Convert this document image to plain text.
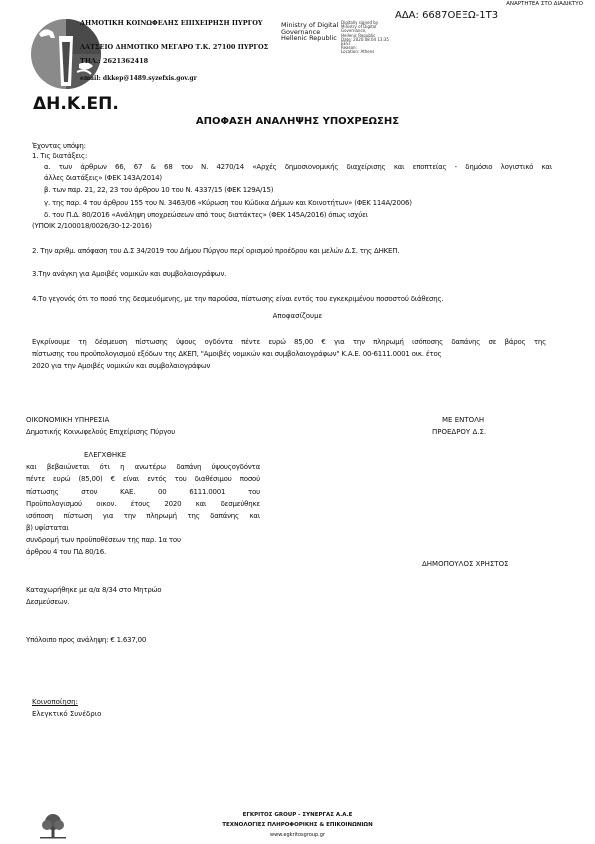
ΑΝΑΡΤΗΤΕΑ ΣΤΟ ΔΙΑΔΙΚΤΥΟ
ΑΔΑ: 6687ΟΕΞΩ-1Τ3
ΔΗ.Κ.ΕΠ.
ΔΗΜΟΤΙΚΗ ΚΟΙΝΩΦΕΛΗΣ ΕΠΙΧΕΙΡΗΣΗ ΠΥΡΓΟΥ
ΛΑΤΣΕΙΟ ΔΗΜΟΤΙΚΟ ΜΕΓΑΡΟ Τ.Κ. 27100 ΠΥΡΓΟΣ
ΤΗΛ.: 2621362418
email: dkkep@1489.syzefxis.gov.gr
Ministry of Digital
Governance
Hellenic Republic
Digitally signed by
Ministry of Digital
Governance,
Hellenic Republic
Date: 2020.08.04 13:35
EEST
Reason:
Location: Athens
ΑΠΟΦΑΣΗ ΑΝΑΛΗΨΗΣ ΥΠΟΧΡΕΩΣΗΣ
Έχοντας υπόψη:
1. Τις διατάξεις:
α. των άρθρων 66, 67 & 68 του Ν. 4270/14 «Αρχές δημοσιονομικής διαχείρισης και εποπτείας - δημόσιο λογιστικό και
άλλες διατάξεις» (ΦΕΚ 143Α/2014)
β. των παρ. 21, 22, 23 του άρθρου 10 του Ν. 4337/15 (ΦΕΚ 129Α/15)
γ. της παρ. 4 του άρθρου 155 του Ν. 3463/06 «Κύρωση του Κώδικα Δήμων και Κοινοτήτων» (ΦΕΚ 114Α/2006)
δ. του Π.Δ. 80/2016 «Ανάληψη υποχρεώσεων από τους διατάκτες» (ΦΕΚ 145Α/2016) όπως ισχύει
(ΥΠΟΙΚ 2/100018/0026/30-12-2016)
2. Την αριθμ. απόφαση του Δ.Σ 34/2019 του Δήμου Πύργου περί ορισμού προέδρου και μελών Δ.Σ. της ΔΗΚΕΠ.
3.Την ανάγκη για Αμοιβές νομικών και συμβολαιογράφων.
4.Το γεγονός ότι το ποσό της δεσμευόμενης, με την παρούσα, πίστωσης είναι εντός του εγκεκριμένου ποσοστού διάθεσης.
Αποφασίζουμε
Εγκρίνουμε τη δέσμευση πίστωσης ύψους ογδόντα πέντε ευρώ 85,00 € για την πληρωμή ισόποσης δαπάνης σε βάρος της
πίστωσης του προϋπολογισμού εξόδων της ΔΚΕΠ, "Αμοιβές νομικών και συμβολαιογράφων" Κ.Α.Ε. 00-6111.0001 οικ. έτος
2020 για την Αμοιβές νομικών και συμβολαιογράφων
ΟΙΚΟΝΟΜΙΚΗ ΥΠΗΡΕΣΙΑ
Δημοτικής Κοινωφελούς Επιχείρισης Πύργου
ΜΕ ΕΝΤΟΛΗ
ΠΡΟΕΔΡΟΥ Δ.Σ.
ΕΛΕΓΧΘΗΚΕ
και βεβαιώνεται ότι η ανωτέρω δαπάνη ύψουςογδόντα
πέντε ευρώ (85,00) € είναι εντός του διαθέσιμου ποσού
πίστωσης στον ΚΑΕ. 00 6111.0001 του
Προϋπολογισμού οικον. έτους 2020 και δεσμεύθηκε
ισόποση πίστωση για την πληρωμή της δαπάνης και
β) υφίσταται
συνδρομή των προϋποθέσεων της παρ. 1α του
άρθρου 4 του ΠΔ 80/16.
ΔΗΜΟΠΟΥΛΟΣ ΧΡΗΣΤΟΣ
Καταχωρήθηκε με α/α 8/34 στο Μητρώο
Δεσμεύσεων.
Υπόλοιπο προς ανάληψη: € 1.637,00
Κοινοποίηση:
Ελεγκτικό Συνέδριο
ΕΓΚΡΙΤΟΣ GROUP - ΣΥΝΕΡΓΑΣ Α.Α.Ε
ΤΕΧΝΟΛΟΓΙΕΣ ΠΛΗΡΟΦΟΡΙΚΗΣ & ΕΠΙΚΟΙΝΩΝΙΩΝ
www.egkritosgroup.gr
